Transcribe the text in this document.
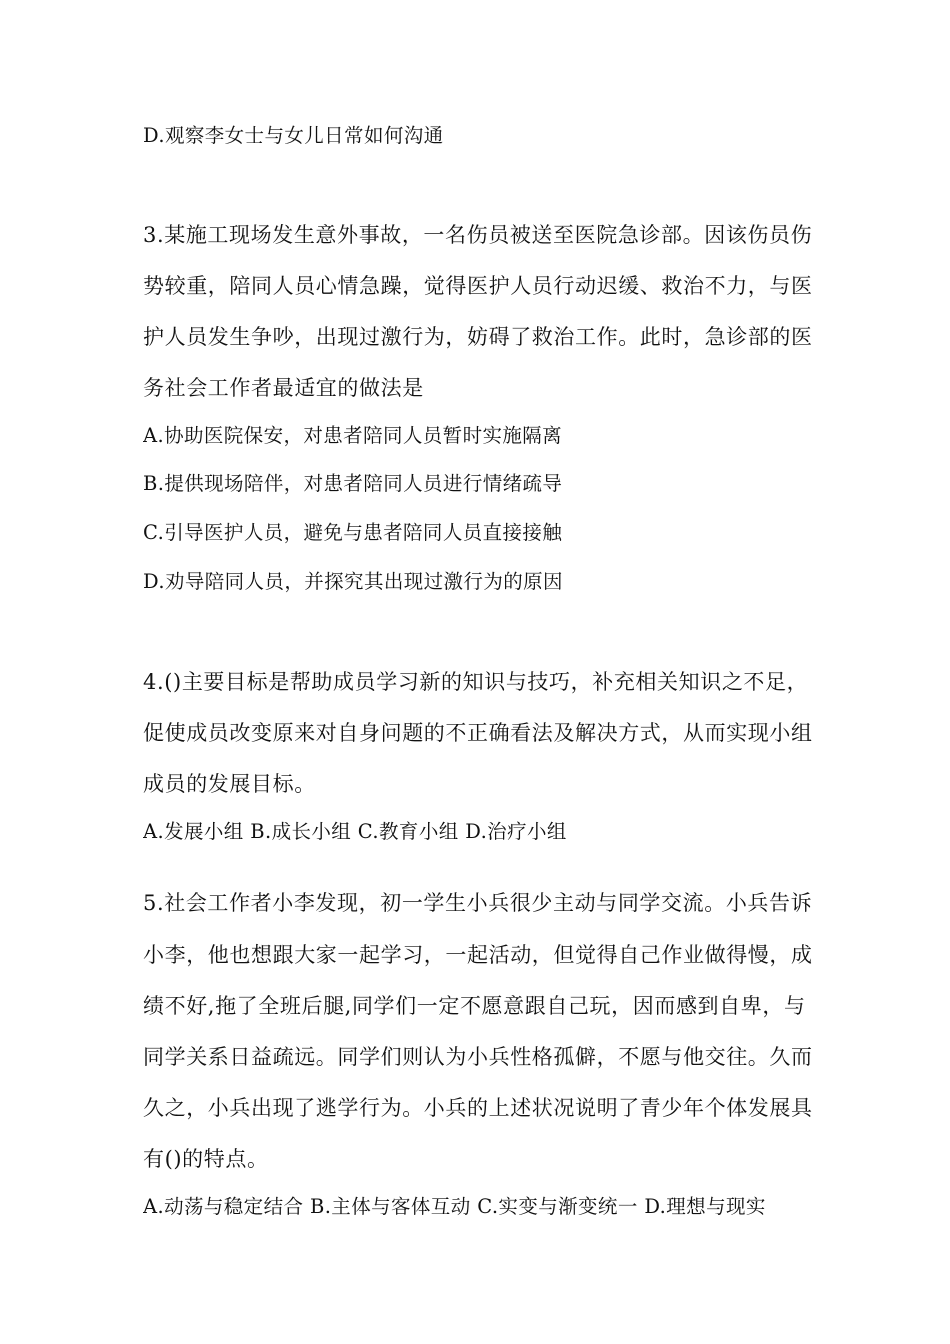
D.观察李女士与女儿日常如何沟通
3.某施工现场发生意外事故，一名伤员被送至医院急诊部。因该伤员伤
势较重，陪同人员心情急躁，觉得医护人员行动迟缓、救治不力，与医
护人员发生争吵，出现过激行为，妨碍了救治工作。此时，急诊部的医
务社会工作者最适宜的做法是
A.协助医院保安，对患者陪同人员暂时实施隔离
B.提供现场陪伴，对患者陪同人员进行情绪疏导
C.引导医护人员，避免与患者陪同人员直接接触
D.劝导陪同人员，并探究其出现过激行为的原因
4.()主要目标是帮助成员学习新的知识与技巧，补充相关知识之不足，
促使成员改变原来对自身问题的不正确看法及解决方式，从而实现小组
成员的发展目标。
A.发展小组 B.成长小组 C.教育小组 D.治疗小组
5.社会工作者小李发现，初一学生小兵很少主动与同学交流。小兵告诉
小李，他也想跟大家一起学习，一起活动，但觉得自己作业做得慢，成
绩不好,拖了全班后腿,同学们一定不愿意跟自己玩，因而感到自卑，与
同学关系日益疏远。同学们则认为小兵性格孤僻，不愿与他交往。久而
久之，小兵出现了逃学行为。小兵的上述状况说明了青少年个体发展具
有()的特点。
A.动荡与稳定结合 B.主体与客体互动 C.实变与渐变统一 D.理想与现实
